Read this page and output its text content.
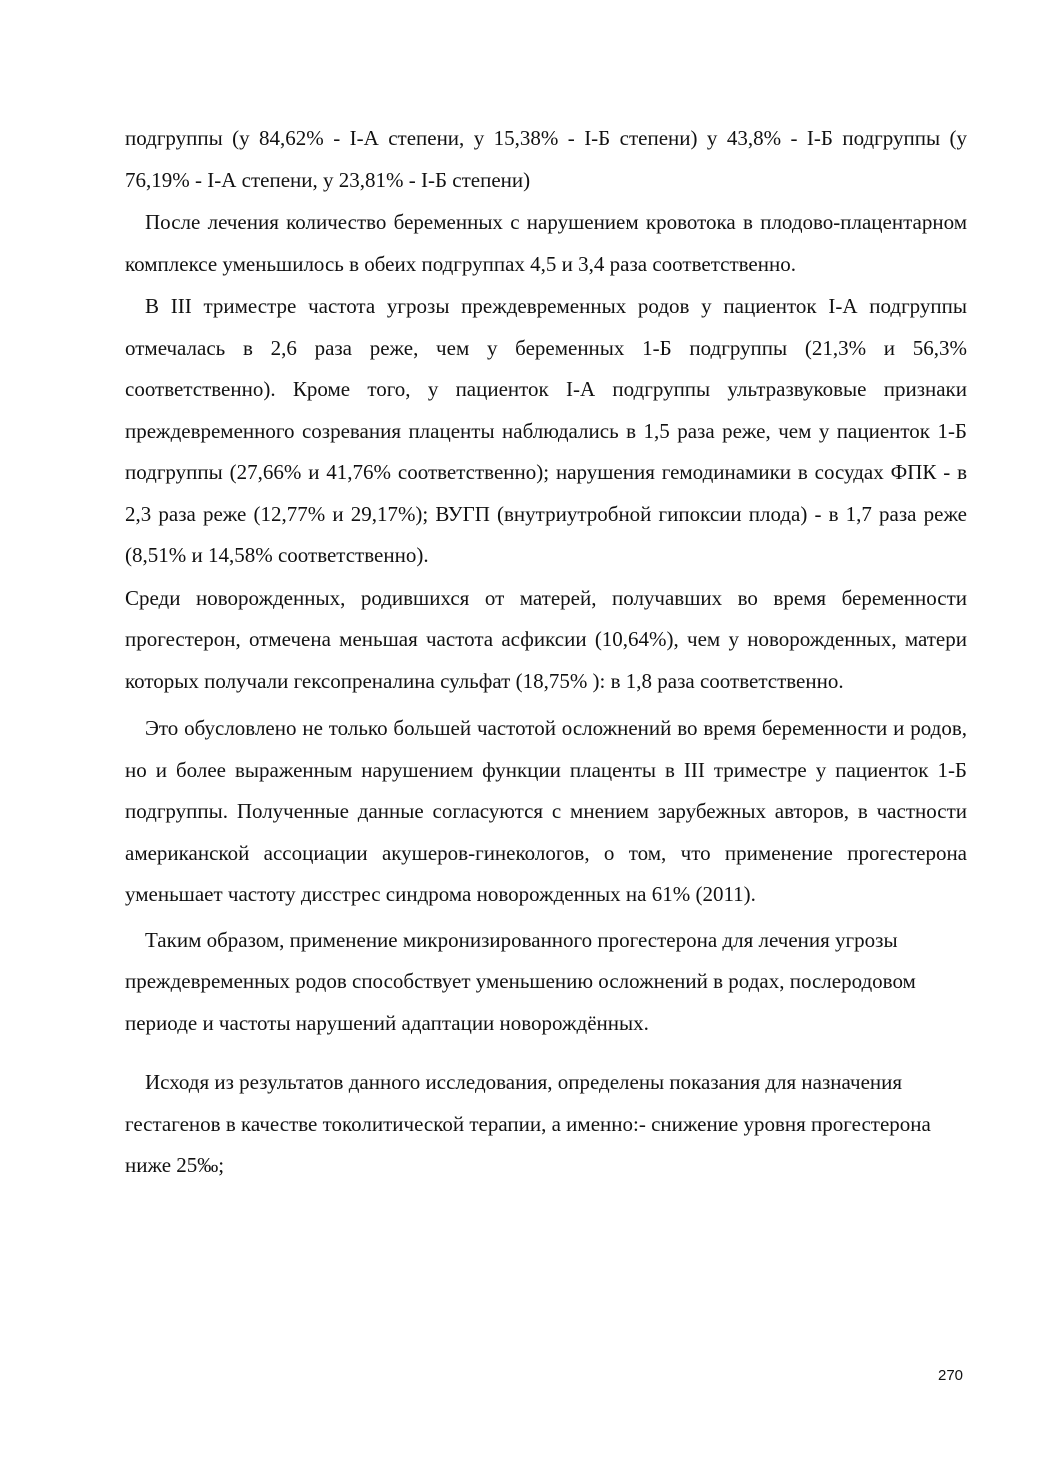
подгруппы (у 84,62% - I-А степени, у 15,38% - I-Б степени) у 43,8% - I-Б подгруппы (у 76,19% - I-А степени, у 23,81% - I-Б степени)

После лечения количество беременных с нарушением кровотока в плодово-плацентарном комплексе уменьшилось в обеих подгруппах 4,5 и 3,4 раза соответственно.

В III триместре частота угрозы преждевременных родов у пациенток I-А подгруппы отмечалась в 2,6 раза реже, чем у беременных 1-Б подгруппы (21,3% и 56,3% соответственно). Кроме того, у пациенток I-А подгруппы ультразвуковые признаки преждевременного созревания плаценты наблюдались в 1,5 раза реже, чем у пациенток 1-Б подгруппы (27,66% и 41,76% соответственно); нарушения гемодинамики в сосудах ФПК - в 2,3 раза реже (12,77% и 29,17%); ВУГП (внутриутробной гипоксии плода) - в 1,7 раза реже (8,51% и 14,58% соответственно).

Среди новорожденных, родившихся от матерей, получавших во время беременности прогестерон, отмечена меньшая частота асфиксии (10,64%), чем у новорожденных, матери которых получали гексопреналина сульфат (18,75% ): в 1,8 раза соответственно.

Это обусловлено не только большей частотой осложнений во время беременности и родов, но и более выраженным нарушением функции плаценты в III триместре у пациенток 1-Б подгруппы. Полученные данные согласуются с мнением зарубежных авторов, в частности американской ассоциации акушеров-гинекологов, о том, что применение прогестерона уменьшает частоту дисстрес синдрома новорожденных на 61% (2011).

Таким образом, применение микронизированного прогестерона для лечения угрозы преждевременных родов способствует уменьшению осложнений в родах, послеродовом периоде и частоты нарушений адаптации новорождённых.

Исходя из результатов данного исследования, определены показания для назначения гестагенов в качестве токолитической терапии, а именно:- снижение уровня прогестерона ниже 25‰;

270
